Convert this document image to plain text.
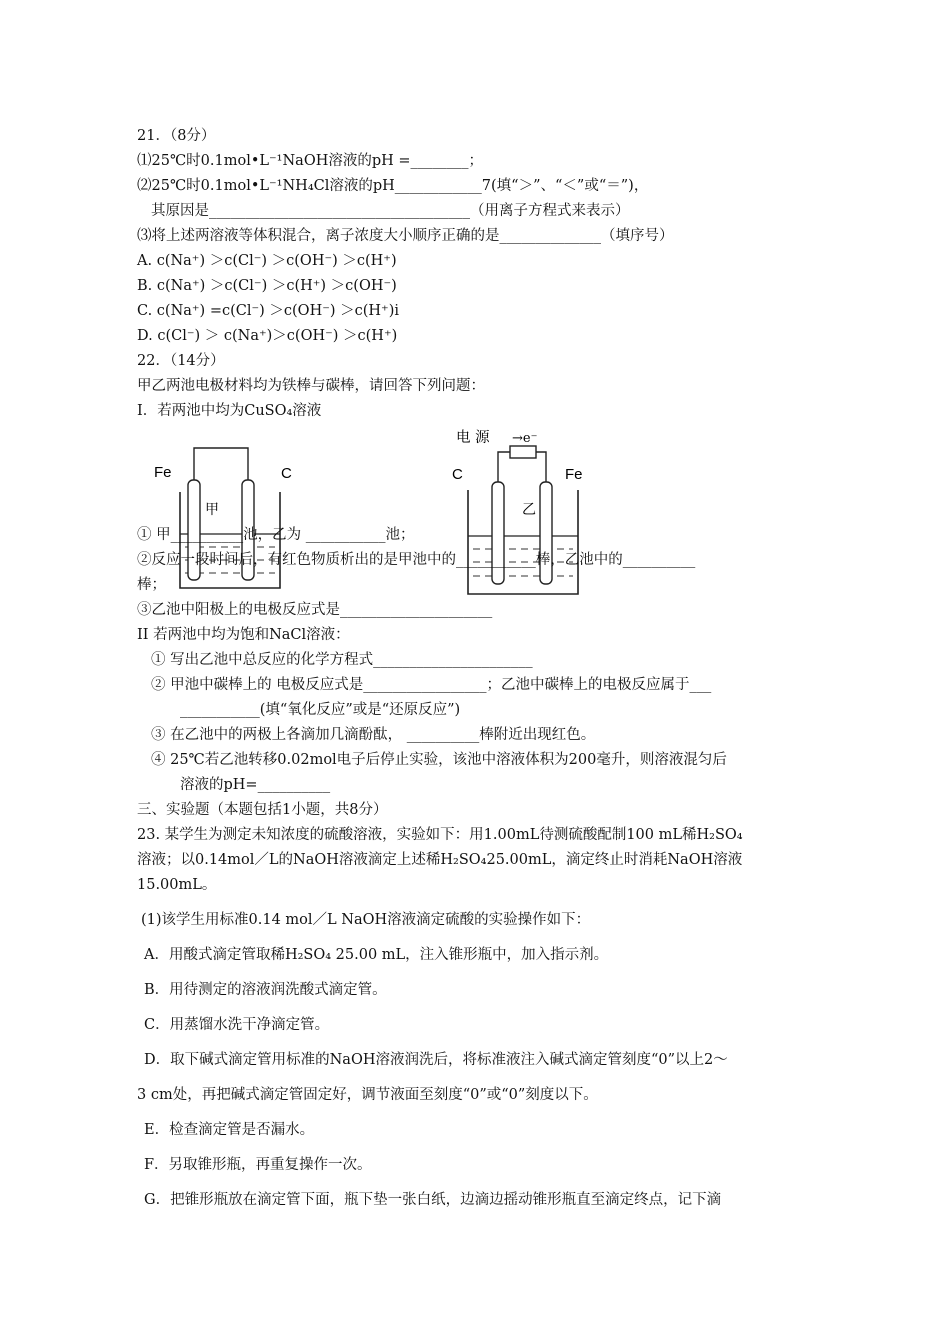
21．（8分）
⑴25℃时0.1mol•L⁻¹NaOH溶液的pH =________；
⑵25℃时0.1mol•L⁻¹NH₄Cl溶液的pH____________7(填“＞”、“＜”或“＝”)，
其原因是____________________________________（用离子方程式来表示）
⑶将上述两溶液等体积混合，离子浓度大小顺序正确的是______________（填序号）
A. c(Na⁺) ＞c(Cl⁻) ＞c(OH⁻) ＞c(H⁺)
B. c(Na⁺) ＞c(Cl⁻) ＞c(H⁺) ＞c(OH⁻)
C. c(Na⁺) =c(Cl⁻) ＞c(OH⁻) ＞c(H⁺)i
D. c(Cl⁻) ＞ c(Na⁺)＞c(OH⁻) ＞c(H⁺)
22．（14分）
甲乙两池电极材料均为铁棒与碳棒，请回答下列问题：
I．若两池中均为CuSO₄溶液
Fe	C
甲
电 源 →e⁻
C	Fe
乙
① 甲__________池，乙为 ___________池；
②反应一段时间后，有红色物质析出的是甲池中的___________棒，乙池中的__________
棒；
③乙池中阳极上的电极反应式是_____________________
II 若两池中均为饱和NaCl溶液：
① 写出乙池中总反应的化学方程式______________________
② 甲池中碳棒上的 电极反应式是_________________；乙池中碳棒上的电极反应属于___
___________(填“氧化反应”或是“还原反应”)
③ 在乙池中的两极上各滴加几滴酚酞， __________棒附近出现红色。
④ 25℃若乙池转移0.02mol电子后停止实验，该池中溶液体积为200毫升，则溶液混匀后
溶液的pH=__________
三、实验题（本题包括1小题，共8分）
23. 某学生为测定未知浓度的硫酸溶液，实验如下：用1.00mL待测硫酸配制100 mL稀H₂SO₄
溶液；以0.14mol／L的NaOH溶液滴定上述稀H₂SO₄25.00mL，滴定终止时消耗NaOH溶液
15.00mL。
(1)该学生用标准0.14 mol／L NaOH溶液滴定硫酸的实验操作如下：
A．用酸式滴定管取稀H₂SO₄ 25.00 mL，注入锥形瓶中，加入指示剂。
B．用待测定的溶液润洗酸式滴定管。
C．用蒸馏水洗干净滴定管。
D．取下碱式滴定管用标准的NaOH溶液润洗后，将标准液注入碱式滴定管刻度“0”以上2～
3 cm处，再把碱式滴定管固定好，调节液面至刻度“0”或“0”刻度以下。
E．检查滴定管是否漏水。
F．另取锥形瓶，再重复操作一次。
G．把锥形瓶放在滴定管下面，瓶下垫一张白纸，边滴边摇动锥形瓶直至滴定终点，记下滴
